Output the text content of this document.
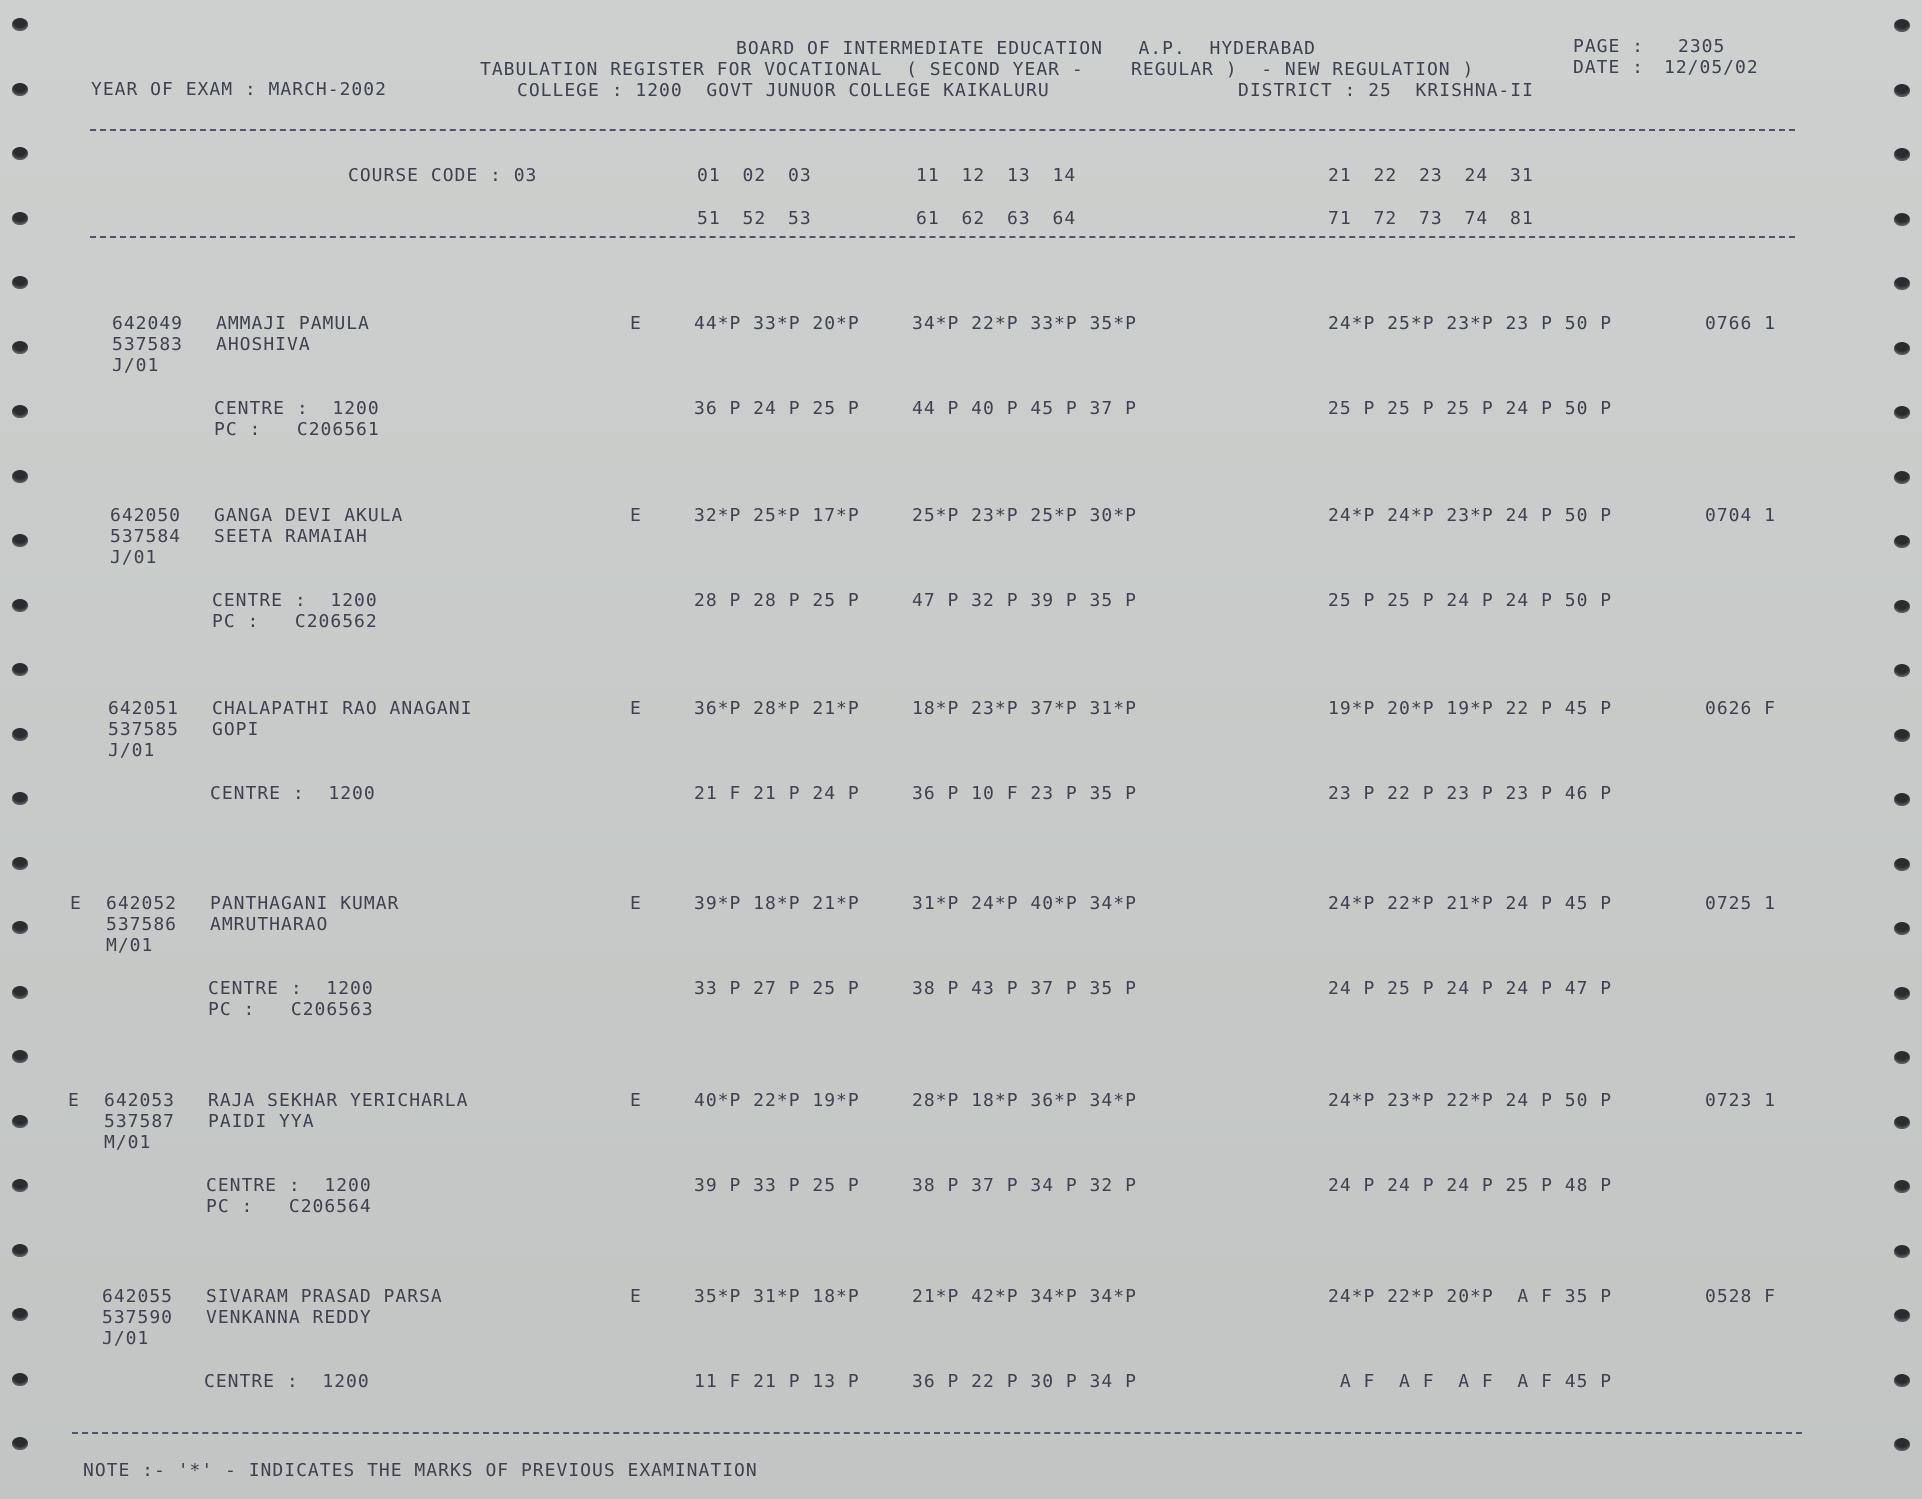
BOARD OF INTERMEDIATE EDUCATION   A.P.  HYDERABAD	PAGE : 2305
TABULATION REGISTER FOR VOCATIONAL  ( SECOND YEAR -    REGULAR )  - NEW REGULATION )	DATE : 12/05/02
YEAR OF EXAM : MARCH-2002	COLLEGE : 1200  GOVT JUNUOR COLLEGE KAIKALURU	DISTRICT : 25  KRISHNA-II
COURSE CODE : 03	01 02 03	11 12 13 14	21 22 23 24 31
51 52 53	61 62 63 64	71 72 73 74 81
642049 AMMAJI PAMULA	E	44*P 33*P 20*P	34*P 22*P 33*P 35*P	24*P 25*P 23*P 23 P 50 P	0766 1
537583 AHOSHIVA
J/01
CENTRE :  1200
PC :   C206561
36 P 24 P 25 P	44 P 40 P 45 P 37 P	25 P 25 P 25 P 24 P 50 P
642050 GANGA DEVI AKULA	E	32*P 25*P 17*P	25*P 23*P 25*P 30*P	24*P 24*P 23*P 24 P 50 P	0704 1
537584 SEETA RAMAIAH
J/01
CENTRE :  1200
PC :   C206562
28 P 28 P 25 P	47 P 32 P 39 P 35 P	25 P 25 P 24 P 24 P 50 P
642051 CHALAPATHI RAO ANAGANI	E	36*P 28*P 21*P	18*P 23*P 37*P 31*P	19*P 20*P 19*P 22 P 45 P	0626 F
537585 GOPI
J/01
CENTRE :  1200	21 F 21 P 24 P	36 P 10 F 23 P 35 P	23 P 22 P 23 P 23 P 46 P
E 642052 PANTHAGANI KUMAR	E	39*P 18*P 21*P	31*P 24*P 40*P 34*P	24*P 22*P 21*P 24 P 45 P	0725 1
537586 AMRUTHARAO
M/01
CENTRE :  1200
PC :   C206563
33 P 27 P 25 P	38 P 43 P 37 P 35 P	24 P 25 P 24 P 24 P 47 P
E 642053 RAJA SEKHAR YERICHARLA	E	40*P 22*P 19*P	28*P 18*P 36*P 34*P	24*P 23*P 22*P 24 P 50 P	0723 1
537587 PAIDI YYA
M/01
CENTRE :  1200
PC :   C206564
39 P 33 P 25 P	38 P 37 P 34 P 32 P	24 P 24 P 24 P 25 P 48 P
642055 SIVARAM PRASAD PARSA	E	35*P 31*P 18*P	21*P 42*P 34*P 34*P	24*P 22*P 20*P  A F 35 P	0528 F
537590 VENKANNA REDDY
J/01
CENTRE :  1200	11 F 21 P 13 P	36 P 22 P 30 P 34 P	A F  A F  A F  A F 45 P
NOTE :- '*' - INDICATES THE MARKS OF PREVIOUS EXAMINATION
